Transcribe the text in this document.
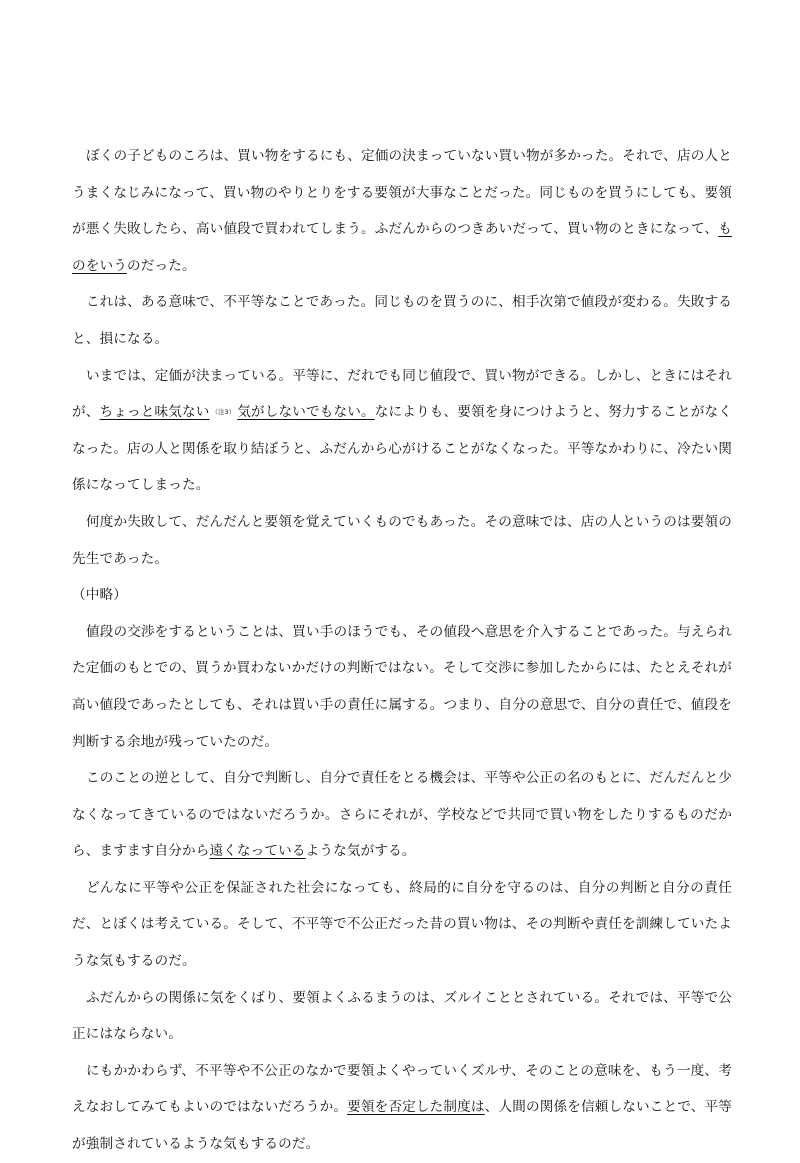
ぼくの子どものころは、買い物をするにも、定価の決まっていない買い物が多かった。それで、店の人とうまくなじみになって、買い物のやりとりをする要領が大事なことだった。同じものを買うにしても、要領が悪く失敗したら、高い値段で買われてしまう。ふだんからのつきあいだって、買い物のときになって、ものをいうのだった。

これは、ある意味で、不平等なことであった。同じものを買うのに、相手次第で値段が変わる。失敗すると、損になる。

いまでは、定価が決まっている。平等に、だれでも同じ値段で、買い物ができる。しかし、ときにはそれが、ちょっと味気ない （注3） 気がしないでもない。なによりも、要領を身につけようと、努力することがなくなった。店の人と関係を取り結ぼうと、ふだんから心がけることがなくなった。平等なかわりに、冷たい関係になってしまった。

何度か失敗して、だんだんと要領を覚えていくものでもあった。その意味では、店の人というのは要領の先生であった。

（中略）

値段の交渉をするということは、買い手のほうでも、その値段へ意思を介入することであった。与えられた定価のもとでの、買うか買わないかだけの判断ではない。そして交渉に参加したからには、たとえそれが高い値段であったとしても、それは買い手の責任に属する。つまり、自分の意思で、自分の責任で、値段を判断する余地が残っていたのだ。

このことの逆として、自分で判断し、自分で責任をとる機会は、平等や公正の名のもとに、だんだんと少なくなってきているのではないだろうか。さらにそれが、学校などで共同で買い物をしたりするものだから、ますます自分から遠くなっているような気がする。

どんなに平等や公正を保証された社会になっても、終局的に自分を守るのは、自分の判断と自分の責任だ、とぼくは考えている。そして、不平等で不公正だった昔の買い物は、その判断や責任を訓練していたような気もするのだ。

ふだんからの関係に気をくばり、要領よくふるまうのは、ズルイこととされている。それでは、平等で公正にはならない。

にもかかわらず、不平等や不公正のなかで要領よくやっていくズルサ、そのことの意味を、もう一度、考えなおしてみてもよいのではないだろうか。要領を否定した制度は、人間の関係を信頼しないことで、平等が強制されているような気もするのだ。
